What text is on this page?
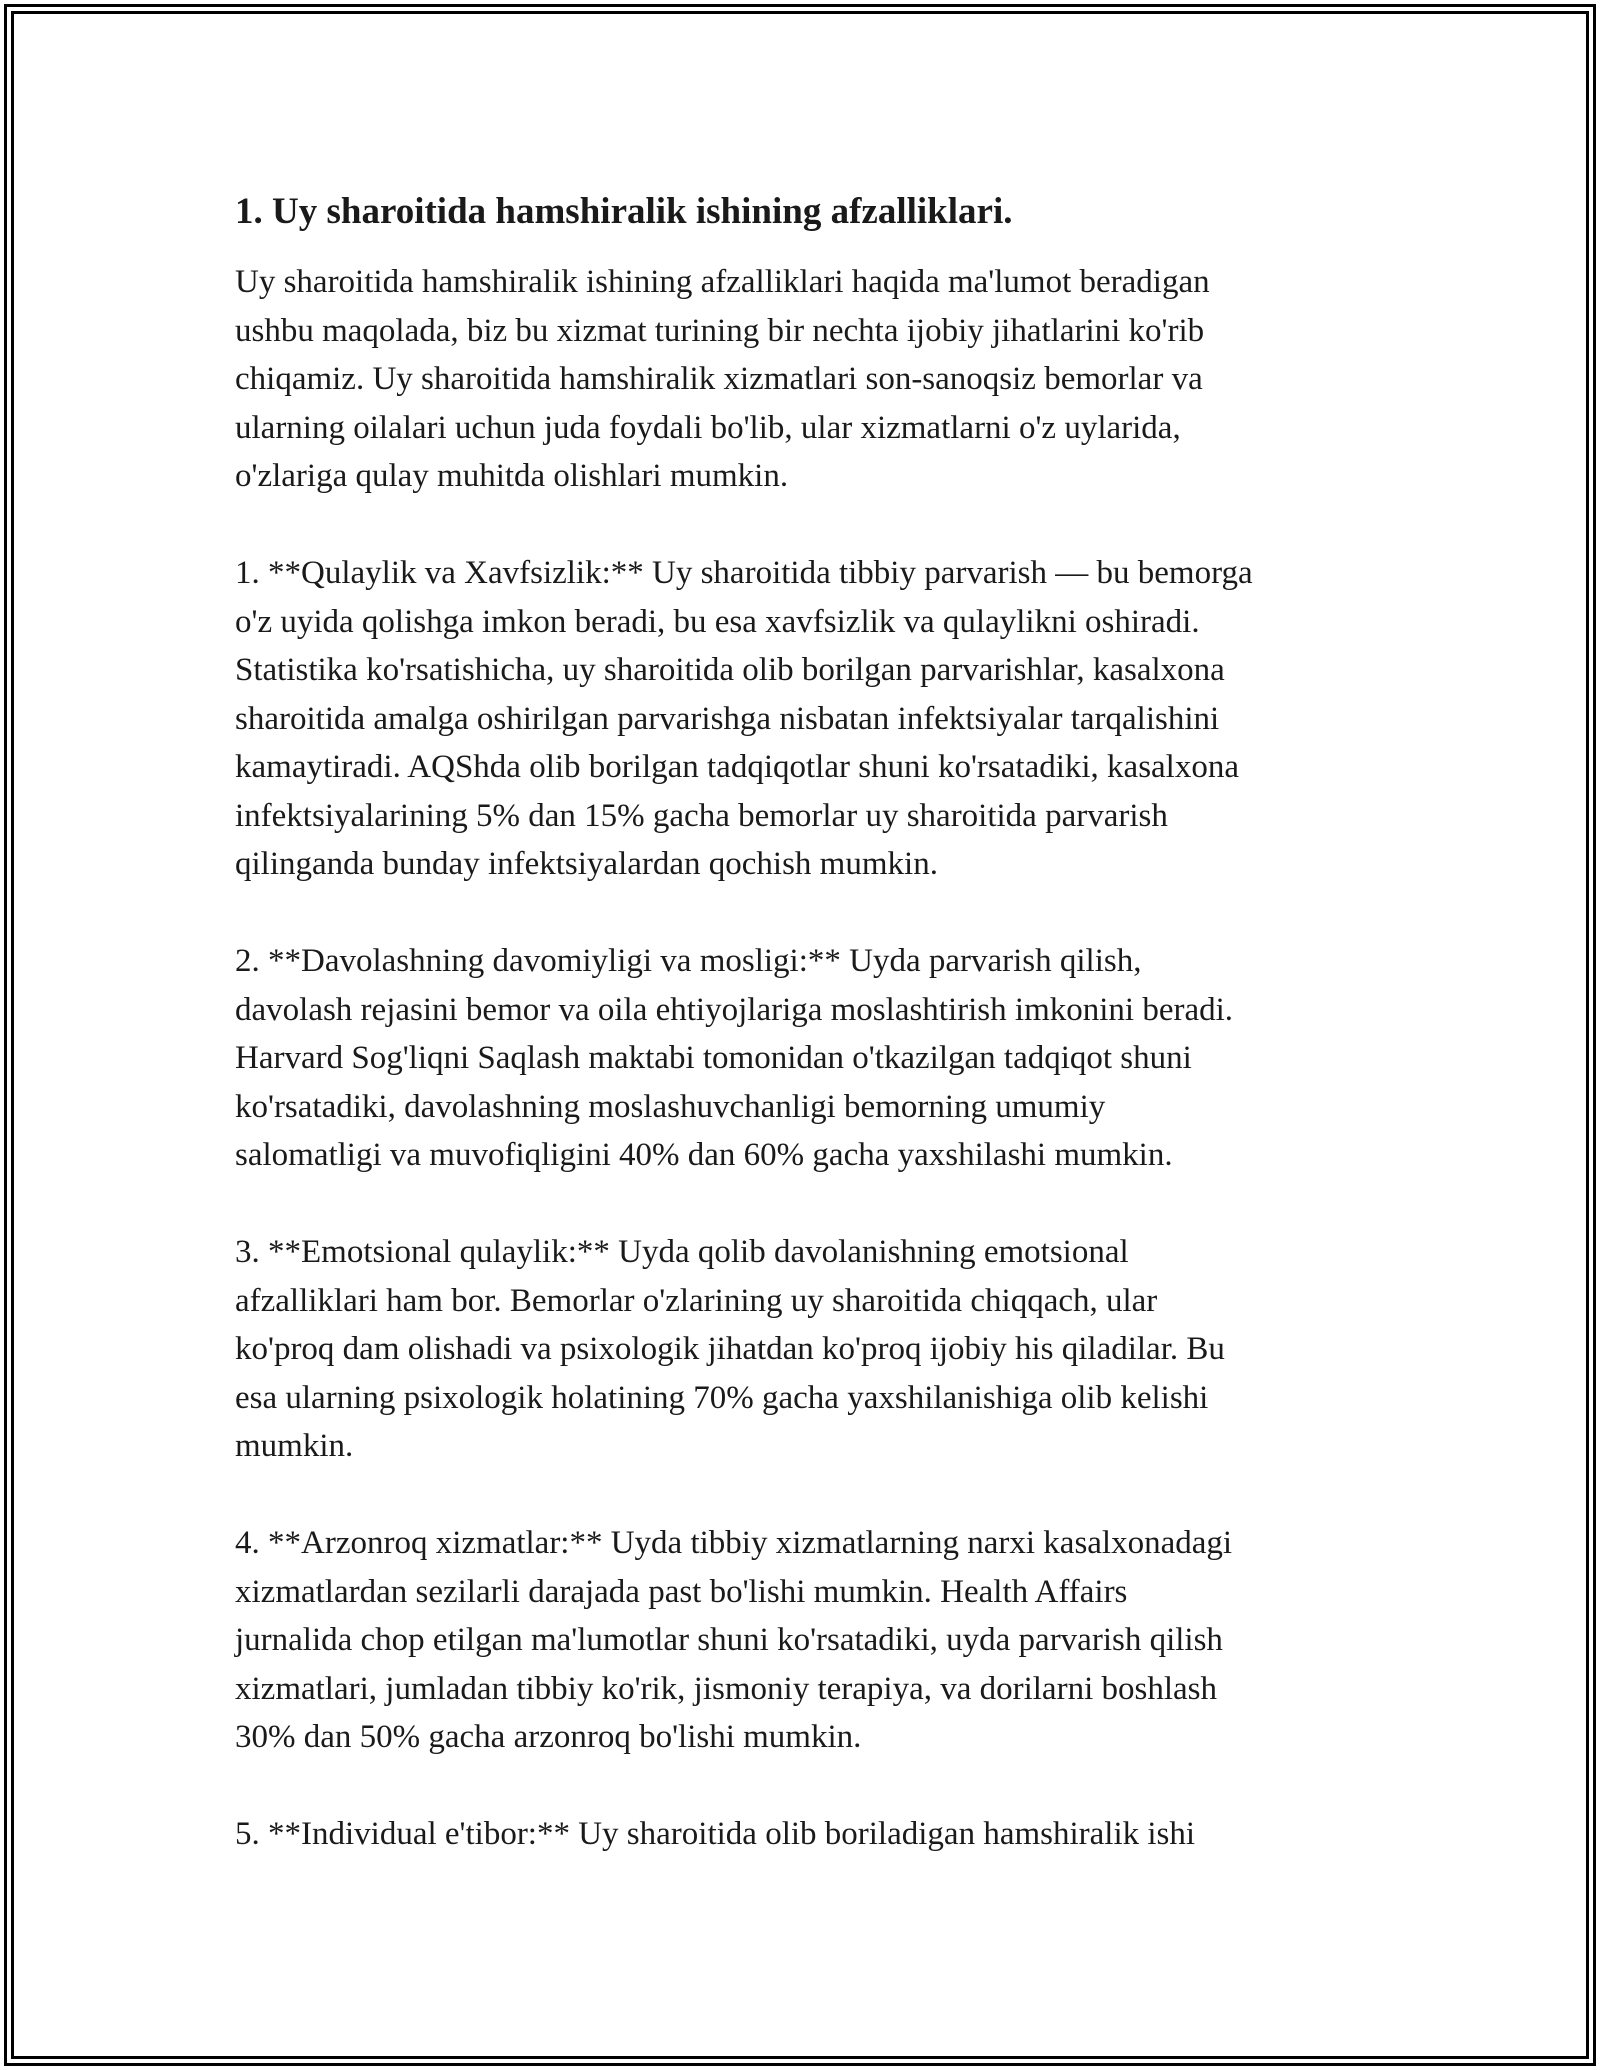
1. Uy sharoitida hamshiralik ishining afzalliklari.

Uy sharoitida hamshiralik ishining afzalliklari haqida ma'lumot beradigan
ushbu maqolada, biz bu xizmat turining bir nechta ijobiy jihatlarini ko'rib
chiqamiz. Uy sharoitida hamshiralik xizmatlari son-sanoqsiz bemorlar va
ularning oilalari uchun juda foydali bo'lib, ular xizmatlarni o'z uylarida,
o'zlariga qulay muhitda olishlari mumkin.

1. **Qulaylik va Xavfsizlik:** Uy sharoitida tibbiy parvarish — bu bemorga
o'z uyida qolishga imkon beradi, bu esa xavfsizlik va qulaylikni oshiradi.
Statistika ko'rsatishicha, uy sharoitida olib borilgan parvarishlar, kasalxona
sharoitida amalga oshirilgan parvarishga nisbatan infektsiyalar tarqalishini
kamaytiradi. AQShda olib borilgan tadqiqotlar shuni ko'rsatadiki, kasalxona
infektsiyalarining 5% dan 15% gacha bemorlar uy sharoitida parvarish
qilinganda bunday infektsiyalardan qochish mumkin.

2. **Davolashning davomiyligi va mosligi:** Uyda parvarish qilish,
davolash rejasini bemor va oila ehtiyojlariga moslashtirish imkonini beradi.
Harvard Sog'liqni Saqlash maktabi tomonidan o'tkazilgan tadqiqot shuni
ko'rsatadiki, davolashning moslashuvchanligi bemorning umumiy
salomatligi va muvofiqligini 40% dan 60% gacha yaxshilashi mumkin.

3. **Emotsional qulaylik:** Uyda qolib davolanishning emotsional
afzalliklari ham bor. Bemorlar o'zlarining uy sharoitida chiqqach, ular
ko'proq dam olishadi va psixologik jihatdan ko'proq ijobiy his qiladilar. Bu
esa ularning psixologik holatining 70% gacha yaxshilanishiga olib kelishi
mumkin.

4. **Arzonroq xizmatlar:** Uyda tibbiy xizmatlarning narxi kasalxonadagi
xizmatlardan sezilarli darajada past bo'lishi mumkin. Health Affairs
jurnalida chop etilgan ma'lumotlar shuni ko'rsatadiki, uyda parvarish qilish
xizmatlari, jumladan tibbiy ko'rik, jismoniy terapiya, va dorilarni boshlash
30% dan 50% gacha arzonroq bo'lishi mumkin.

5. **Individual e'tibor:** Uy sharoitida olib boriladigan hamshiralik ishi
